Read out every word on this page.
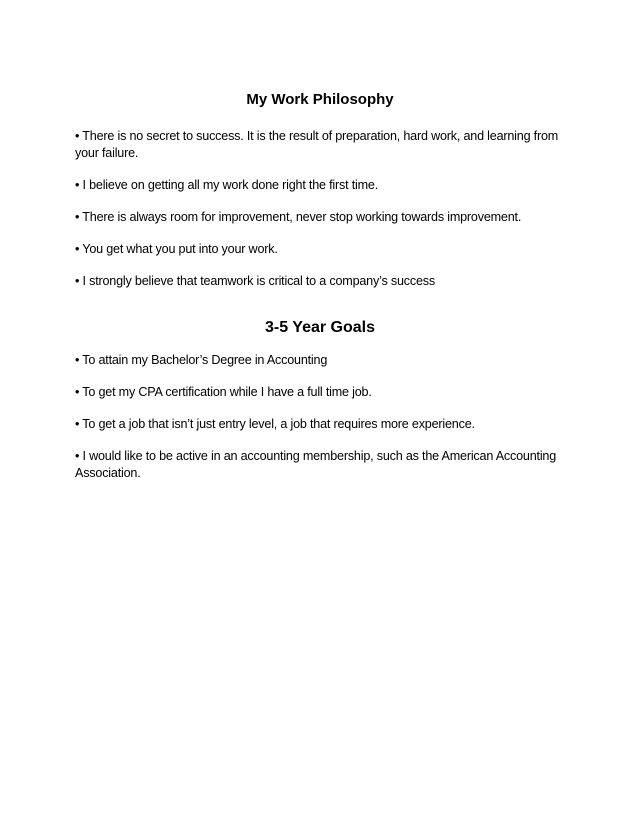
My Work Philosophy
• There is no secret to success. It is the result of preparation, hard work, and learning from your failure.
• I believe on getting all my work done right the first time.
• There is always room for improvement, never stop working towards improvement.
• You get what you put into your work.
• I strongly believe that teamwork is critical to a company’s success
3-5 Year Goals
• To attain my Bachelor’s Degree in Accounting
• To get my CPA certification while I have a full time job.
• To get a job that isn’t just entry level, a job that requires more experience.
• I would like to be active in an accounting membership, such as the American Accounting Association.
